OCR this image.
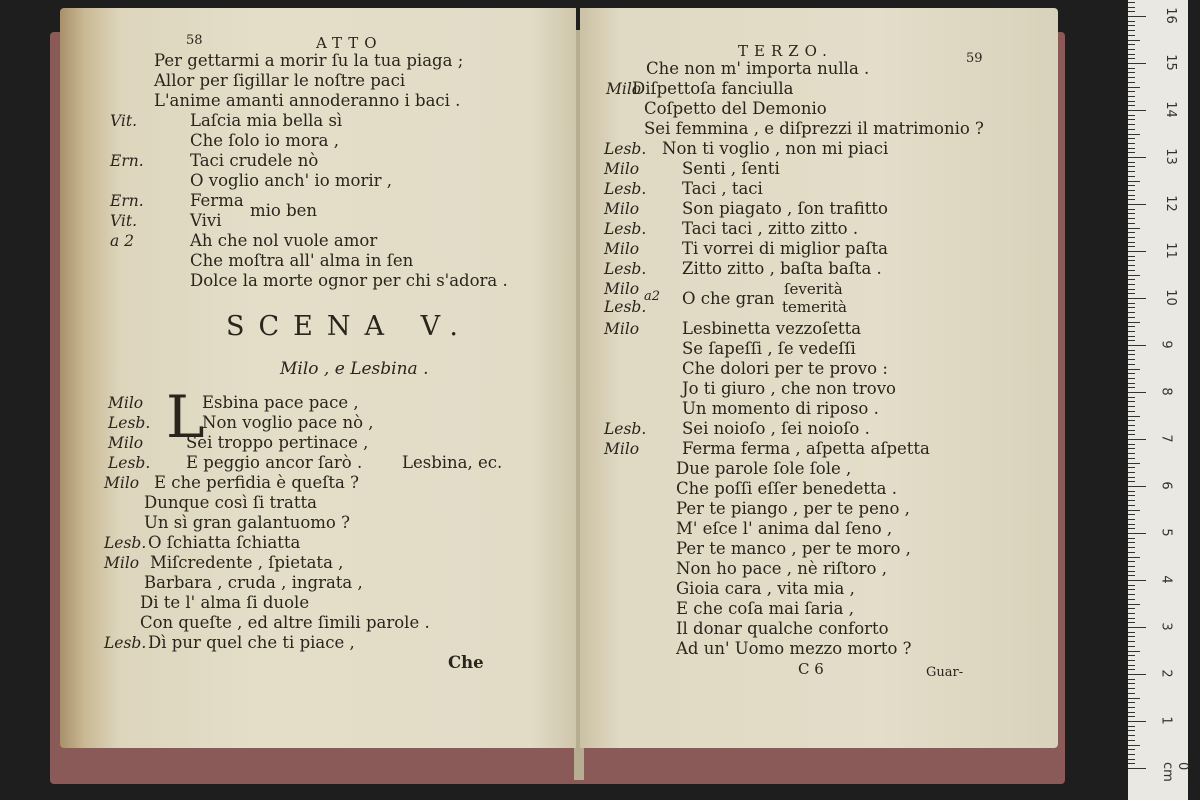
58	ATTO
Per gettarmi a morir ſu la tua piaga ;
Allor per ſigillar le noſtre paci
L'anime amanti annoderanno i baci .
Vit.	Laſcia mia bella sì
Che ſolo io mora ,
Ern.	Taci crudele nò
O voglio anch' io morir ,
Ern.	Ferma
Vit.	Vivi
a 2	Ah che nol vuole amor
Che moſtra all' alma in ſen
Dolce la morte ognor per chi s'adora .
mio ben
SCENA V.
Milo , e Lesbina .
L
Milo	Esbina pace pace ,
Lesb.	Non voglio pace nò ,
Milo	Sei troppo pertinace ,
Lesb. E peggio ancor ſarò .
Milo E che perfidia è queſta ?
Dunque così ſi tratta
Un sì gran galantuomo ?
Lesb. O ſchiatta ſchiatta
Milo Miſcredente , ſpietata ,
Barbara , cruda , ingrata ,
Di te l' alma ſi duole
Con queſte , ed altre ſimili parole .
Lesb. Dì pur quel che ti piace ,
Lesbina, ec.
Che
TERZO.	59
Che non m' importa nulla .
Milo
Diſpettoſa fanciulla
Coſpetto del Demonio
Sei femmina , e diſprezzi il matrimonio ?
Lesb. Non ti voglio , non mi piaci
Milo	Senti , ſenti
Lesb. Taci , taci
Milo	Son piagato , ſon trafitto
Lesb. Taci taci , zitto zitto .
Milo	Ti vorrei di miglior paſta
Lesb. Zitto zitto , baſta baſta .
Milo
Lesb.
a2 O che gran ſeverità
temerità
Milo	Lesbinetta vezzoſetta
Se ſapeſſi , ſe vedeſſi
Che dolori per te provo :
Jo ti giuro , che non trovo
Un momento di riposo .
Lesb. Sei noioſo , ſei noioſo .
Milo	Ferma ferma , aſpetta aſpetta
Due parole ſole ſole ,
Che poſſi eſſer benedetta .
Per te piango , per te peno ,
M' eſce l' anima dal ſeno ,
Per te manco , per te moro ,
Non ho pace , nè riſtoro ,
Gioia cara , vita mia ,
E che coſa mai ſaria ,
Il donar qualche conforto
Ad un' Uomo mezzo morto ?
C 6	Guar-
0 cm
1
2
3
4
5
6
7
8
9
10
11
12
13
14
15
16
